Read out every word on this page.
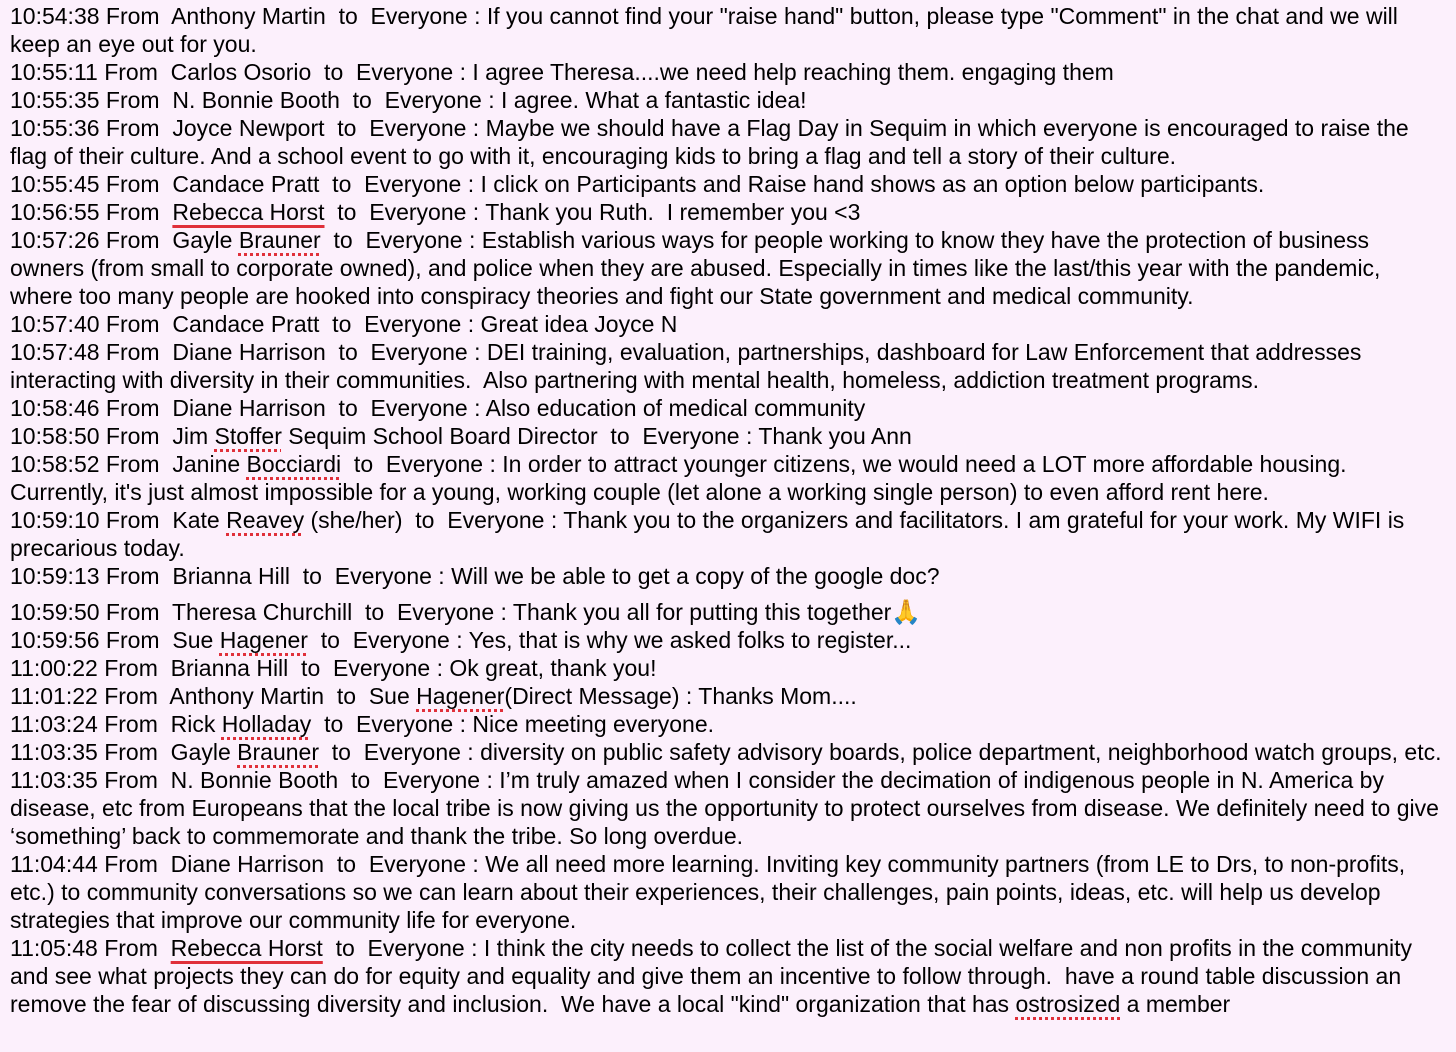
10:54:38 From  Anthony Martin  to  Everyone : If you cannot find your "raise hand" button, please type "Comment" in the chat and we will keep an eye out for you.

10:55:11 From  Carlos Osorio  to  Everyone : I agree Theresa....we need help reaching them. engaging them

10:55:35 From  N. Bonnie Booth  to  Everyone : I agree. What a fantastic idea!

10:55:36 From  Joyce Newport  to  Everyone : Maybe we should have a Flag Day in Sequim in which everyone is encouraged to raise the flag of their culture. And a school event to go with it, encouraging kids to bring a flag and tell a story of their culture.

10:55:45 From  Candace Pratt  to  Everyone : I click on Participants and Raise hand shows as an option below participants.

10:56:55 From  Rebecca Horst  to  Everyone : Thank you Ruth.  I remember you <3

10:57:26 From  Gayle Brauner  to  Everyone : Establish various ways for people working to know they have the protection of business owners (from small to corporate owned), and police when they are abused. Especially in times like the last/this year with the pandemic, where too many people are hooked into conspiracy theories and fight our State government and medical community.

10:57:40 From  Candace Pratt  to  Everyone : Great idea Joyce N

10:57:48 From  Diane Harrison  to  Everyone : DEI training, evaluation, partnerships, dashboard for Law Enforcement that addresses interacting with diversity in their communities.  Also partnering with mental health, homeless, addiction treatment programs.

10:58:46 From  Diane Harrison  to  Everyone : Also education of medical community

10:58:50 From  Jim Stoffer Sequim School Board Director  to  Everyone : Thank you Ann

10:58:52 From  Janine Bocciardi  to  Everyone : In order to attract younger citizens, we would need a LOT more affordable housing. Currently, it's just almost impossible for a young, working couple (let alone a working single person) to even afford rent here.

10:59:10 From  Kate Reavey (she/her)  to  Everyone : Thank you to the organizers and facilitators. I am grateful for your work. My WIFI is precarious today.

10:59:13 From  Brianna Hill  to  Everyone : Will we be able to get a copy of the google doc?

10:59:50 From  Theresa Churchill  to  Everyone : Thank you all for putting this together🙏

10:59:56 From  Sue Hagener  to  Everyone : Yes, that is why we asked folks to register...

11:00:22 From  Brianna Hill  to  Everyone : Ok great, thank you!

11:01:22 From  Anthony Martin  to  Sue Hagener(Direct Message) : Thanks Mom....

11:03:24 From  Rick Holladay  to  Everyone : Nice meeting everyone.

11:03:35 From  Gayle Brauner  to  Everyone : diversity on public safety advisory boards, police department, neighborhood watch groups, etc.

11:03:35 From  N. Bonnie Booth  to  Everyone : I’m truly amazed when I consider the decimation of indigenous people in N. America by disease, etc from Europeans that the local tribe is now giving us the opportunity to protect ourselves from disease. We definitely need to give ‘something’ back to commemorate and thank the tribe. So long overdue.

11:04:44 From  Diane Harrison  to  Everyone : We all need more learning. Inviting key community partners (from LE to Drs, to non-profits, etc.) to community conversations so we can learn about their experiences, their challenges, pain points, ideas, etc. will help us develop strategies that improve our community life for everyone.

11:05:48 From  Rebecca Horst  to  Everyone : I think the city needs to collect the list of the social welfare and non profits in the community and see what projects they can do for equity and equality and give them an incentive to follow through.  have a round table discussion an remove the fear of discussing diversity and inclusion.  We have a local "kind" organization that has ostrosized a member
